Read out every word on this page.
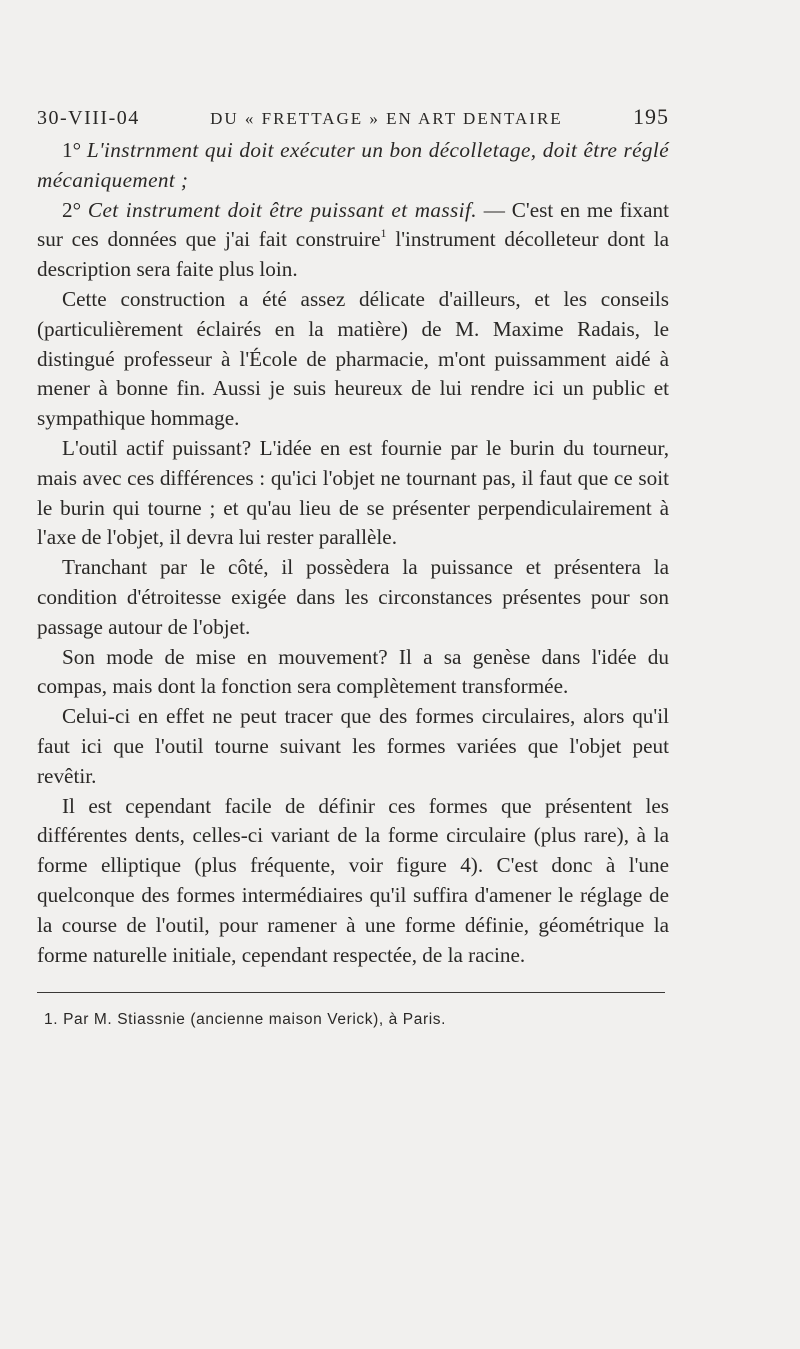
30-VIII-04	DU « FRETTAGE » EN ART DENTAIRE	195

1° L'instrnment qui doit exécuter un bon décolletage, doit être réglé mécaniquement ;

2° Cet instrument doit être puissant et massif. — C'est en me fixant sur ces données que j'ai fait construire$^1$ l'instrument décolleteur dont la description sera faite plus loin.

Cette construction a été assez délicate d'ailleurs, et les conseils (particulièrement éclairés en la matière) de M. Maxime Radais, le distingué professeur à l'École de pharmacie, m'ont puissamment aidé à mener à bonne fin. Aussi je suis heureux de lui rendre ici un public et sympathique hommage.

L'outil actif puissant? L'idée en est fournie par le burin du tourneur, mais avec ces différences : qu'ici l'objet ne tournant pas, il faut que ce soit le burin qui tourne ; et qu'au lieu de se présenter perpendiculairement à l'axe de l'objet, il devra lui rester parallèle.

Tranchant par le côté, il possèdera la puissance et présentera la condition d'étroitesse exigée dans les circonstances présentes pour son passage autour de l'objet.

Son mode de mise en mouvement? Il a sa genèse dans l'idée du compas, mais dont la fonction sera complètement transformée.

Celui-ci en effet ne peut tracer que des formes circulaires, alors qu'il faut ici que l'outil tourne suivant les formes variées que l'objet peut revêtir.

Il est cependant facile de définir ces formes que présentent les différentes dents, celles-ci variant de la forme circulaire (plus rare), à la forme elliptique (plus fréquente, voir figure 4). C'est donc à l'une quelconque des formes intermédiaires qu'il suffira d'amener le réglage de la course de l'outil, pour ramener à une forme définie, géométrique la forme naturelle initiale, cependant respectée, de la racine.

1. Par M. Stiassnie (ancienne maison Verick), à Paris.
